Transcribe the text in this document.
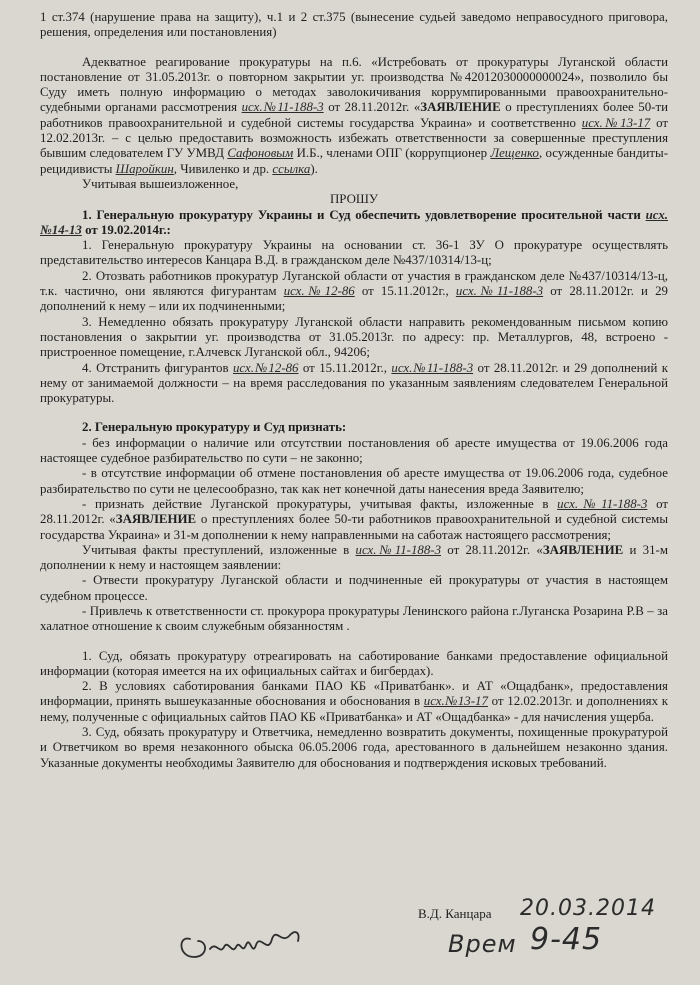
1 ст.374 (нарушение права на защиту), ч.1 и 2 ст.375 (вынесение судьей заведомо неправосудного приговора, решения, определения или постановления)

Адекватное реагирование прокуратуры на п.6. «Истребовать от прокуратуры Луганской области постановление от 31.05.2013г. о повторном закрытии уг. производства №42012030000000024», позволило бы Суду иметь полную информацию о методах заволокичивания коррумпированными правоохранительно-судебными органами рассмотрения исх.№11-188-3 от 28.11.2012г. «ЗАЯВЛЕНИЕ о преступлениях более 50-ти работников правоохранительной и судебной системы государства Украина» и соответственно исх.№13-17 от 12.02.2013г. – с целью предоставить возможность избежать ответственности за совершенные преступления бывшим следователем ГУ УМВД Сафоновым И.Б., членами ОПГ (коррупционер Лещенко, осужденные бандиты-рецидивисты Шаройкин, Чивиленко и др. ссылка).

Учитывая вышеизложенное,

ПРОШУ

1. Генеральную прокуратуру Украины и Суд обеспечить удовлетворение просительной части исх.№14-13 от 19.02.2014г.:

1. Генеральную прокуратуру Украины на основании ст. 36-1 ЗУ О прокуратуре осуществлять представительство интересов Канцара В.Д. в гражданском деле №437/10314/13-ц;

2. Отозвать работников прокуратур Луганской области от участия в гражданском деле №437/10314/13-ц, т.к. частично, они являются фигурантам исх.№12-86 от 15.11.2012г., исх.№11-188-3 от 28.11.2012г. и 29 дополнений к нему – или их подчиненными;

3. Немедленно обязать прокуратуру Луганской области направить рекомендованным письмом копию постановления о закрытии уг. производства от 31.05.2013г. по адресу: пр. Металлургов, 48, встроено - пристроенное помещение, г.Алчевск Луганской обл., 94206;

4. Отстранить фигурантов исх.№12-86 от 15.11.2012г., исх.№11-188-3 от 28.11.2012г. и 29 дополнений к нему от занимаемой должности – на время расследования по указанным заявлениям следователем Генеральной прокуратуры.

2. Генеральную прокуратуру и Суд признать:

- без информации о наличие или отсутствии постановления об аресте имущества от 19.06.2006 года настоящее судебное разбирательство по сути – не законно;

- в отсутствие информации об отмене постановления об аресте имущества от 19.06.2006 года, судебное разбирательство по сути не целесообразно, так как нет конечной даты нанесения вреда Заявителю;

- признать действие Луганской прокуратуры, учитывая факты, изложенные в исх.№11-188-3 от 28.11.2012г. «ЗАЯВЛЕНИЕ о преступлениях более 50-ти работников правоохранительной и судебной системы государства Украина» и 31-м дополнении к нему направленными на саботаж настоящего рассмотрения;

Учитывая факты преступлений, изложенные в исх.№11-188-3 от 28.11.2012г. «ЗАЯВЛЕНИЕ и 31-м дополнении к нему и настоящем заявлении:

- Отвести прокуратуру Луганской области и подчиненные ей прокуратуры от участия в настоящем судебном процессе.

- Привлечь к ответственности ст. прокурора прокуратуры Ленинского района г.Луганска Розарина Р.В – за халатное отношение к своим служебным обязанностям .

1. Суд, обязать прокуратуру отреагировать на саботирование банками предоставление официальной информации (которая имеется на их официальных сайтах и бигбердах).

2. В условиях саботирования банками ПАО КБ «Приватбанк». и АТ «Ощадбанк», предоставления информации, принять вышеуказанные обоснования и обоснования в исх.№13-17 от 12.02.2013г. и дополнениях к нему, полученные с официальных сайтов ПАО КБ «Приватбанка» и АТ «Ощадбанка» - для начисления ущерба.

3. Суд, обязать прокуратуру и Ответчика, немедленно возвратить документы, похищенные прокуратурой и Ответчиком во время незаконного обыска 06.05.2006 года, арестованного в дальнейшем незаконно здания. Указанные документы необходимы Заявителю для обоснования и подтверждения исковых требований.

В.Д. Канцара 20.03.2014
Врем 9-45
